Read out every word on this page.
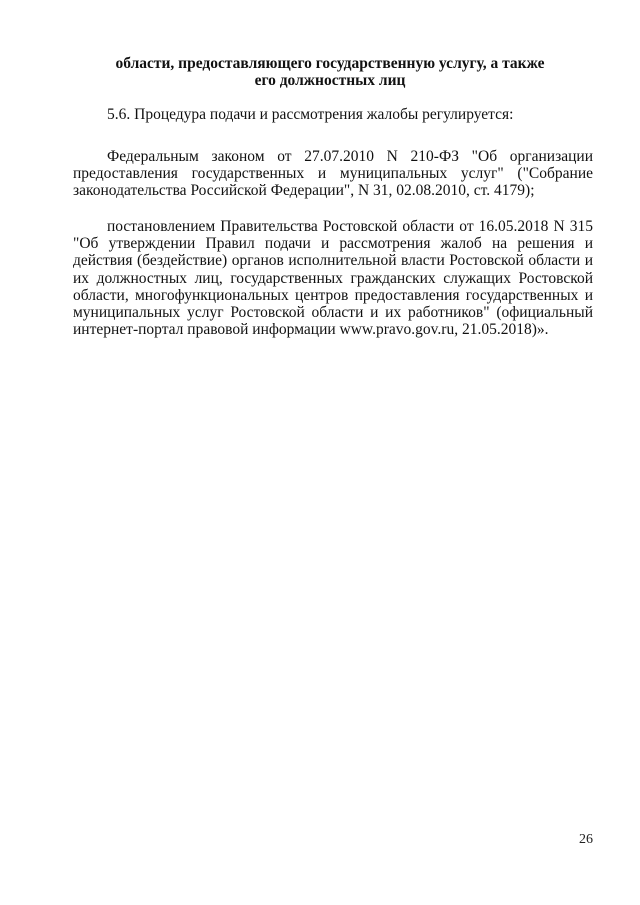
области, предоставляющего государственную услугу, а также
его должностных лиц
5.6. Процедура подачи и рассмотрения жалобы регулируется:
Федеральным законом от 27.07.2010 N 210-ФЗ "Об организации предоставления государственных и муниципальных услуг" ("Собрание законодательства Российской Федерации", N 31, 02.08.2010, ст. 4179);
постановлением Правительства Ростовской области от 16.05.2018 N 315 "Об утверждении Правил подачи и рассмотрения жалоб на решения и действия (бездействие) органов исполнительной власти Ростовской области и их должностных лиц, государственных гражданских служащих Ростовской области, многофункциональных центров предоставления государственных и муниципальных услуг Ростовской области и их работников" (официальный интернет-портал правовой информации www.pravo.gov.ru, 21.05.2018)».
26
